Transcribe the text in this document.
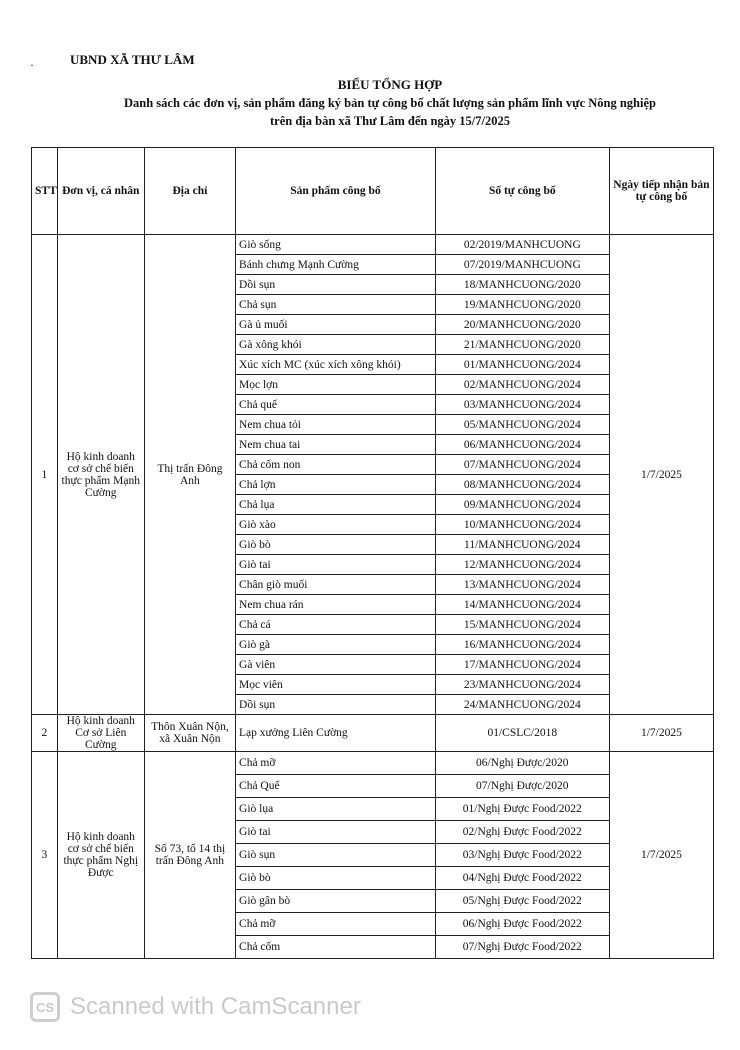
·	UBND XÃ THƯ LÂM
BIỂU TỔNG HỢP
Danh sách các đơn vị, sản phẩm đăng ký bản tự công bố chất lượng sản phẩm lĩnh vực Nông nghiệp
trên địa bàn xã Thư Lâm đến ngày 15/7/2025
STT	Đơn vị, cá nhân	Địa chỉ	Sản phẩm công bố	Số tự công bố	Ngày tiếp nhận bản tự công bố
1	Hộ kinh doanh cơ sở chế biến thực phẩm Mạnh Cường	Thị trấn Đông Anh	Giò sống	02/2019/MANHCUONG	1/7/2025
			Bánh chưng Mạnh Cường	07/2019/MANHCUONG	
			Dồi sụn	18/MANHCUONG/2020	
			Chả sụn	19/MANHCUONG/2020	
			Gà ủ muối	20/MANHCUONG/2020	
			Gà xông khói	21/MANHCUONG/2020	
			Xúc xích MC (xúc xích xông khói)	01/MANHCUONG/2024	
			Mọc lợn	02/MANHCUONG/2024	
			Chả quế	03/MANHCUONG/2024	
			Nem chua tỏi	05/MANHCUONG/2024	
			Nem chua tai	06/MANHCUONG/2024	
			Chả cốm non	07/MANHCUONG/2024	
			Chả lợn	08/MANHCUONG/2024	
			Chả lụa	09/MANHCUONG/2024	
			Giò xào	10/MANHCUONG/2024	
			Giò bò	11/MANHCUONG/2024	
			Giò tai	12/MANHCUONG/2024	
			Chân giò muối	13/MANHCUONG/2024	
			Nem chua rán	14/MANHCUONG/2024	
			Chả cá	15/MANHCUONG/2024	
			Giò gà	16/MANHCUONG/2024	
			Gà viên	17/MANHCUONG/2024	
			Mọc viên	23/MANHCUONG/2024	
			Dồi sụn	24/MANHCUONG/2024	
2	Hộ kinh doanh Cơ sở Liên Cường	Thôn Xuân Nộn, xã Xuân Nộn	Lạp xưởng Liên Cường	01/CSLC/2018	1/7/2025
3	Hộ kinh doanh cơ sở chế biến thực phẩm Nghị Được	Số 73, tổ 14 thị trấn Đông Anh	Chả mỡ	06/Nghị Được/2020	1/7/2025
			Chả Quế	07/Nghị Được/2020	
			Giò lụa	01/Nghị Được Food/2022	
			Giò tai	02/Nghị Được Food/2022	
			Giò sụn	03/Nghị Được Food/2022	
			Giò bò	04/Nghị Được Food/2022	
			Giò gân bò	05/Nghị Được Food/2022	
			Chả mỡ	06/Nghị Được Food/2022	
			Chả cốm	07/Nghị Được Food/2022	
CS Scanned with CamScanner
